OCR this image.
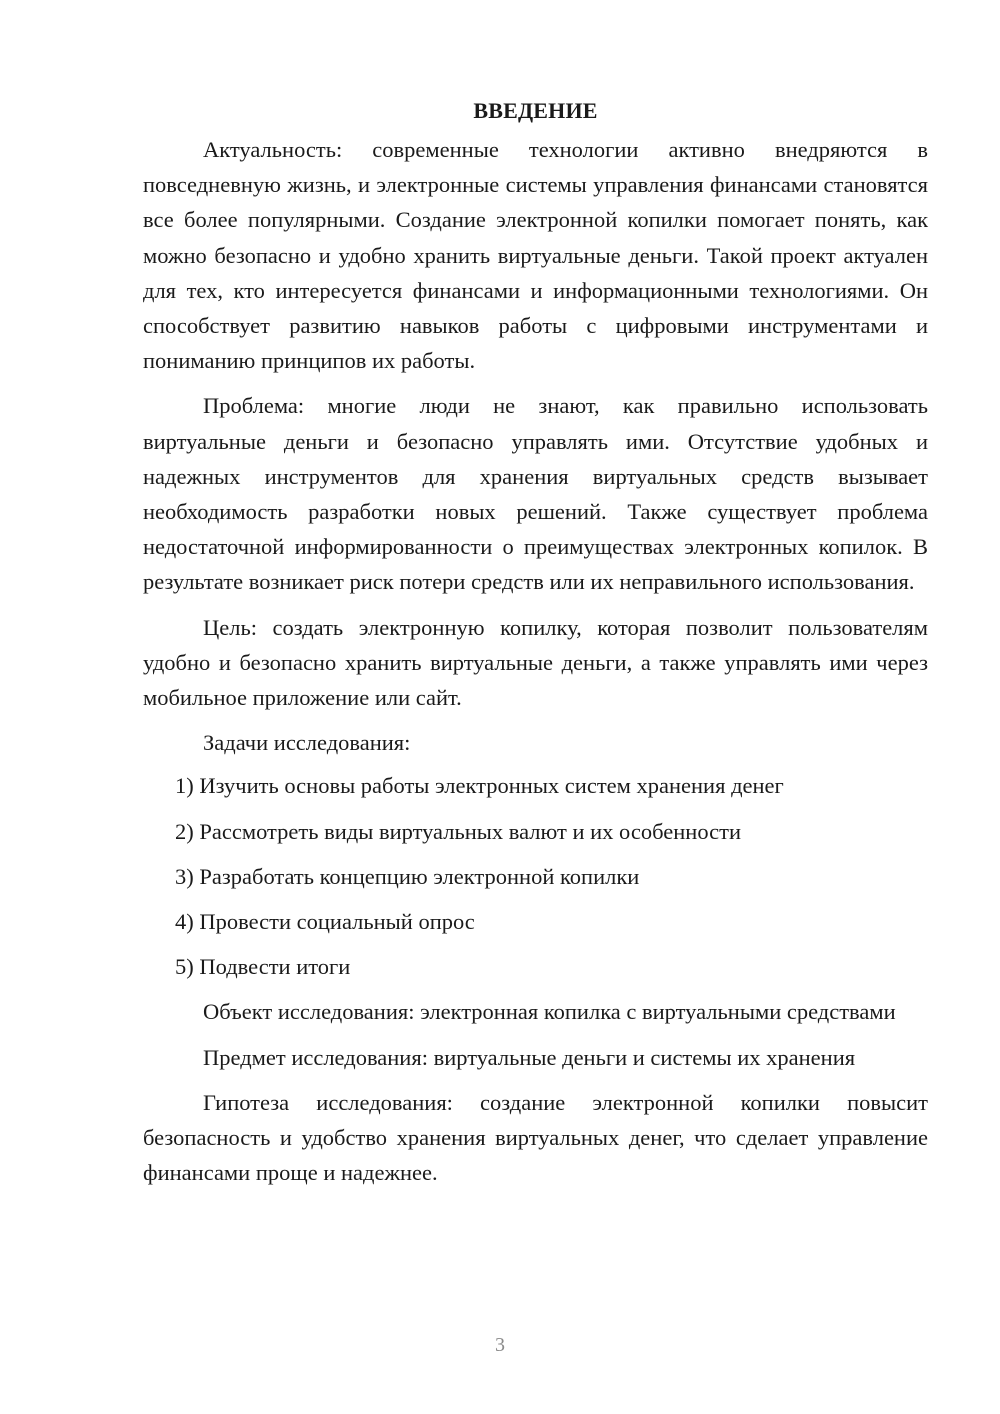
ВВЕДЕНИЕ

Актуальность: современные технологии активно внедряются в повседневную жизнь, и электронные системы управления финансами становятся все более популярными. Создание электронной копилки помогает понять, как можно безопасно и удобно хранить виртуальные деньги. Такой проект актуален для тех, кто интересуется финансами и информационными технологиями. Он способствует развитию навыков работы с цифровыми инструментами и пониманию принципов их работы.

Проблема: многие люди не знают, как правильно использовать виртуальные деньги и безопасно управлять ими. Отсутствие удобных и надежных инструментов для хранения виртуальных средств вызывает необходимость разработки новых решений. Также существует проблема недостаточной информированности о преимуществах электронных копилок. В результате возникает риск потери средств или их неправильного использования.

Цель: создать электронную копилку, которая позволит пользователям удобно и безопасно хранить виртуальные деньги, а также управлять ими через мобильное приложение или сайт.

Задачи исследования:
1) Изучить основы работы электронных систем хранения денег
2) Рассмотреть виды виртуальных валют и их особенности
3) Разработать концепцию электронной копилки
4) Провести социальный опрос
5) Подвести итоги

Объект исследования: электронная копилка с виртуальными средствами

Предмет исследования: виртуальные деньги и системы их хранения

Гипотеза исследования: создание электронной копилки повысит безопасность и удобство хранения виртуальных денег, что сделает управление финансами проще и надежнее.

3
